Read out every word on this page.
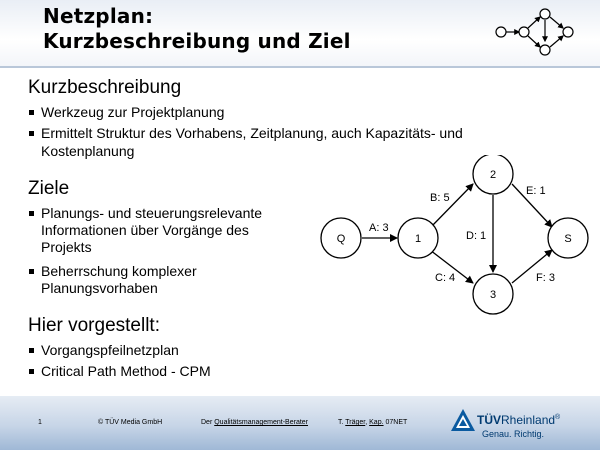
Netzplan:
Kurzbeschreibung und Ziel
Kurzbeschreibung
Werkzeug zur Projektplanung
Ermittelt Struktur des Vorhabens, Zeitplanung, auch Kapazitäts- und
Kostenplanung
Ziele
Planungs- und steuerungsrelevante
Informationen über Vorgänge des
Projekts
Beherrschung komplexer
Planungsvorhaben
Hier vorgestellt:
Vorgangspfeilnetzplan
Critical Path Method - CPM
Q	1
2
3
S
A: 3
B: 5
C: 4
D: 1
E: 1
F: 3
1	© TÜV Media GmbH	Der Qualitätsmanagement-Berater	T. Träger, Kap. 07NET	TÜVRheinland®
Genau. Richtig.
